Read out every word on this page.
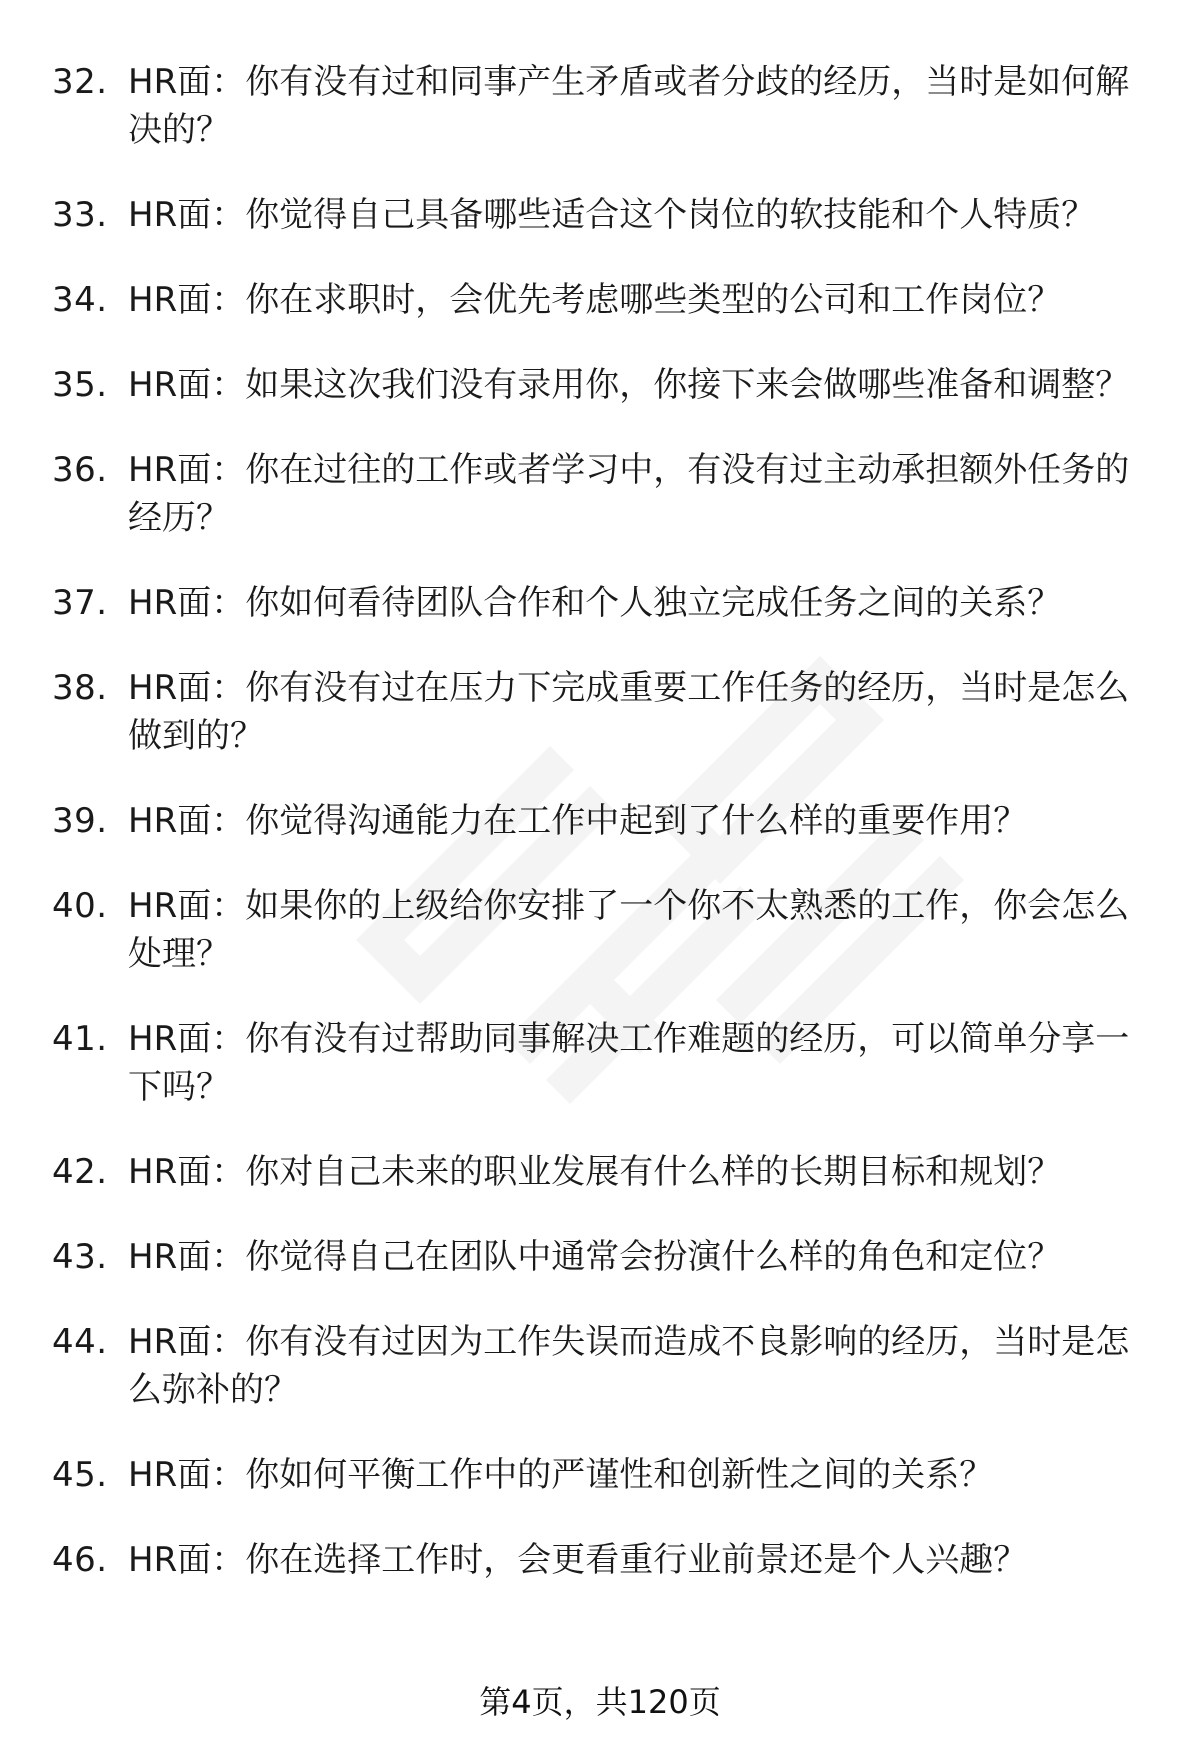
32. HR面：你有没有过和同事产生矛盾或者分歧的经历，当时是如何解决的？
33. HR面：你觉得自己具备哪些适合这个岗位的软技能和个人特质？
34. HR面：你在求职时，会优先考虑哪些类型的公司和工作岗位？
35. HR面：如果这次我们没有录用你，你接下来会做哪些准备和调整？
36. HR面：你在过往的工作或者学习中，有没有过主动承担额外任务的经历？
37. HR面：你如何看待团队合作和个人独立完成任务之间的关系？
38. HR面：你有没有过在压力下完成重要工作任务的经历，当时是怎么做到的？
39. HR面：你觉得沟通能力在工作中起到了什么样的重要作用？
40. HR面：如果你的上级给你安排了一个你不太熟悉的工作，你会怎么处理？
41. HR面：你有没有过帮助同事解决工作难题的经历，可以简单分享一下吗？
42. HR面：你对自己未来的职业发展有什么样的长期目标和规划？
43. HR面：你觉得自己在团队中通常会扮演什么样的角色和定位？
44. HR面：你有没有过因为工作失误而造成不良影响的经历，当时是怎么弥补的？
45. HR面：你如何平衡工作中的严谨性和创新性之间的关系？
46. HR面：你在选择工作时，会更看重行业前景还是个人兴趣？
第4页，共120页
